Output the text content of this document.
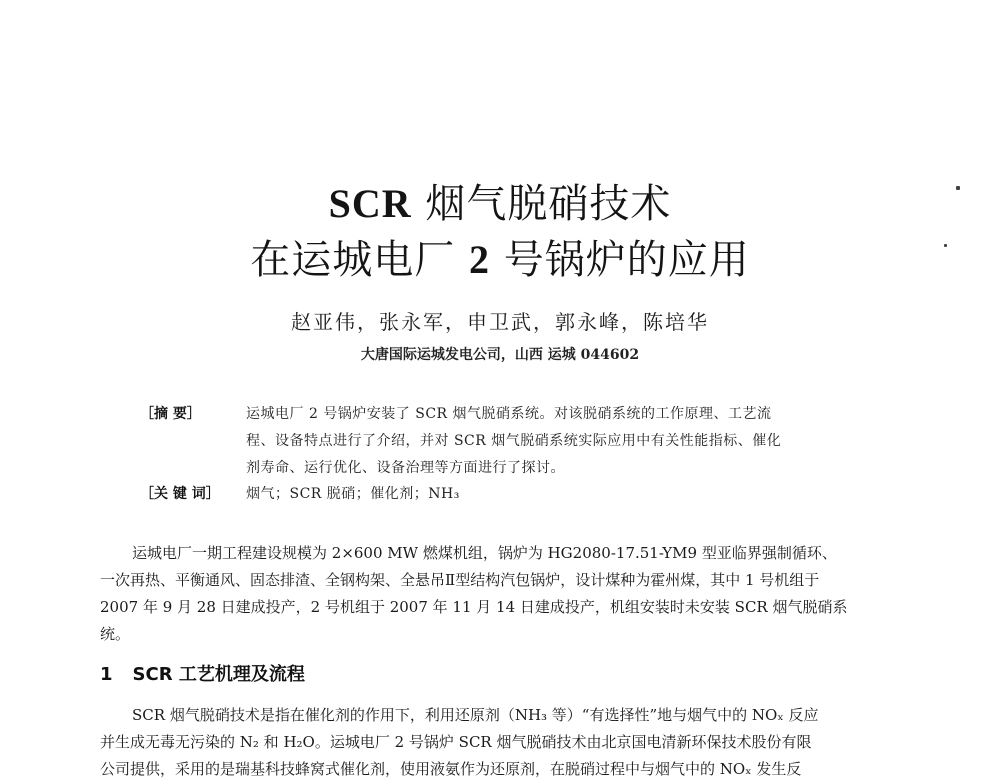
SCR 烟气脱硝技术
在运城电厂 2 号锅炉的应用
赵亚伟，张永军，申卫武，郭永峰，陈培华
大唐国际运城发电公司，山西 运城 044602
［摘 要］	运城电厂 2 号锅炉安装了 SCR 烟气脱硝系统。对该脱硝系统的工作原理、工艺流
程、设备特点进行了介绍，并对 SCR 烟气脱硝系统实际应用中有关性能指标、催化
剂寿命、运行优化、设备治理等方面进行了探讨。
［关 键 词］ 烟气；SCR 脱硝；催化剂；NH₃
运城电厂一期工程建设规模为 2×600 MW 燃煤机组，锅炉为 HG2080-17.51-YM9 型亚临界强制循环、
一次再热、平衡通风、固态排渣、全钢构架、全悬吊Ⅱ型结构汽包锅炉，设计煤种为霍州煤，其中 1 号机组于
2007 年 9 月 28 日建成投产，2 号机组于 2007 年 11 月 14 日建成投产，机组安装时未安装 SCR 烟气脱硝系
统。
1 SCR 工艺机理及流程
SCR 烟气脱硝技术是指在催化剂的作用下，利用还原剂（NH₃ 等）“有选择性”地与烟气中的 NOₓ 反应
并生成无毒无污染的 N₂ 和 H₂O。运城电厂 2 号锅炉 SCR 烟气脱硝技术由北京国电清新环保技术股份有限
公司提供，采用的是瑞基科技蜂窝式催化剂，使用液氨作为还原剂，在脱硝过程中与烟气中的 NOₓ 发生反
